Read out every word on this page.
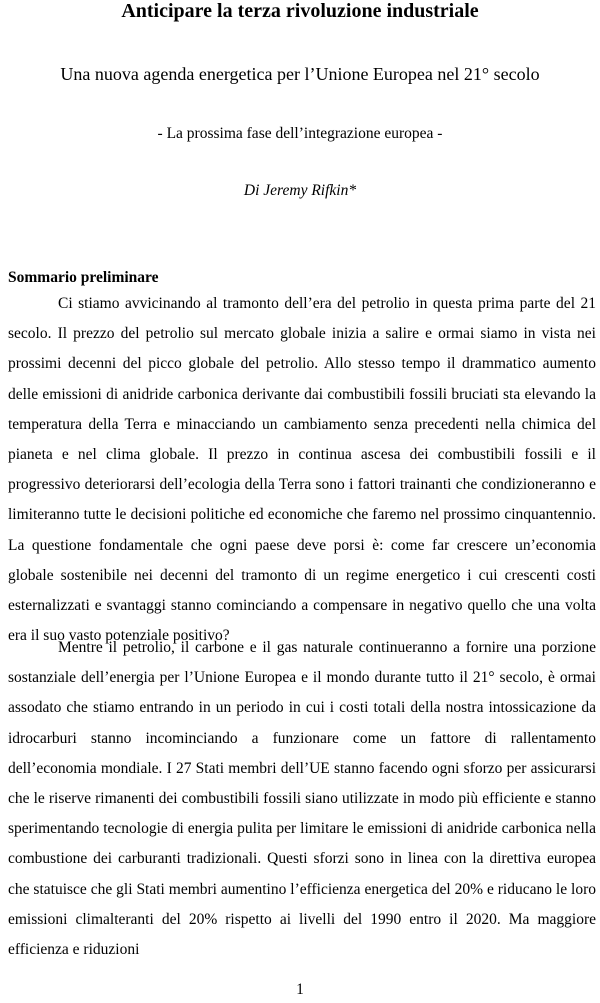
Anticipare la terza rivoluzione industriale
Una nuova agenda energetica per l’Unione Europea nel 21° secolo

- La prossima fase dell’integrazione europea -

Di Jeremy Rifkin*

Sommario preliminare

Ci stiamo avvicinando al tramonto dell’era del petrolio in questa prima parte del 21 secolo. Il prezzo del petrolio sul mercato globale inizia a salire e ormai siamo in vista nei prossimi decenni del picco globale del petrolio. Allo stesso tempo il drammatico aumento delle emissioni di anidride carbonica derivante dai combustibili fossili bruciati sta elevando la temperatura della Terra e minacciando un cambiamento senza precedenti nella chimica del pianeta e nel clima globale. Il prezzo in continua ascesa dei combustibili fossili e il progressivo deteriorarsi dell’ecologia della Terra sono i fattori trainanti che condizioneranno e limiteranno tutte le decisioni politiche ed economiche che faremo nel prossimo cinquantennio. La questione fondamentale che ogni paese deve porsi è: come far crescere un’economia globale sostenibile nei decenni del tramonto di un regime energetico i cui crescenti costi esternalizzati e svantaggi stanno cominciando a compensare in negativo quello che una volta era il suo vasto potenziale positivo?

Mentre il petrolio, il carbone e il gas naturale continueranno a fornire una porzione sostanziale dell’energia per l’Unione Europea e il mondo durante tutto il 21° secolo, è ormai assodato che stiamo entrando in un periodo in cui i costi totali della nostra intossicazione da idrocarburi stanno incominciando a funzionare come un fattore di rallentamento dell’economia mondiale. I 27 Stati membri dell’UE stanno facendo ogni sforzo per assicurarsi che le riserve rimanenti dei combustibili fossili siano utilizzate in modo più efficiente e stanno sperimentando tecnologie di energia pulita per limitare le emissioni di anidride carbonica nella combustione dei carburanti tradizionali. Questi sforzi sono in linea con la direttiva europea che statuisce che gli Stati membri aumentino l’efficienza energetica del 20% e riducano le loro emissioni climalteranti del 20% rispetto ai livelli del 1990 entro il 2020. Ma maggiore efficienza e riduzioni

1
